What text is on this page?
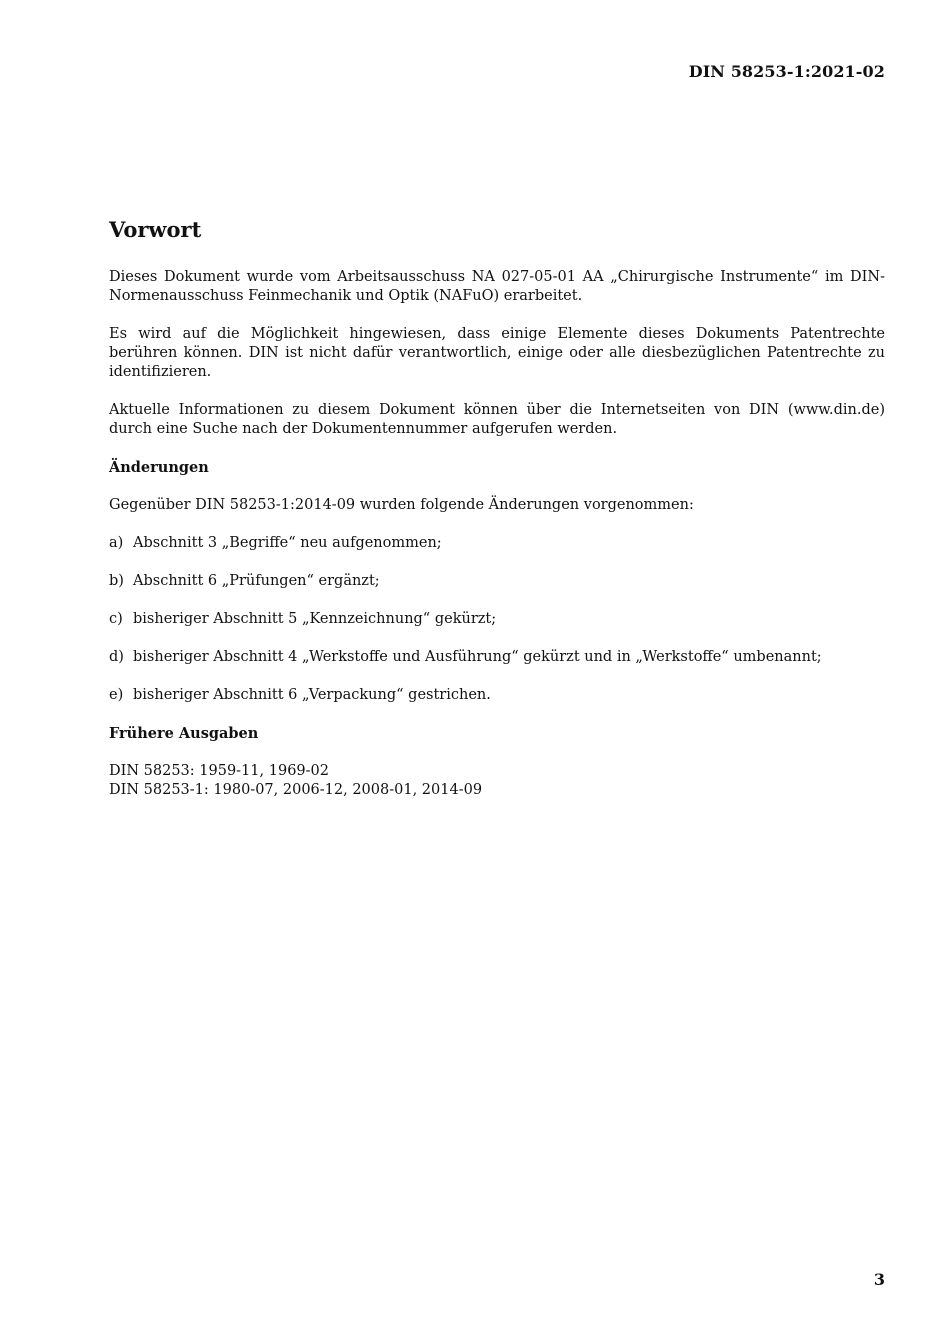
DIN 58253-1:2021-02
Vorwort

Dieses Dokument wurde vom Arbeitsausschuss NA 027-05-01 AA „Chirurgische Instrumente“ im DIN-Normenausschuss Feinmechanik und Optik (NAFuO) erarbeitet.

Es wird auf die Möglichkeit hingewiesen, dass einige Elemente dieses Dokuments Patentrechte berühren können. DIN ist nicht dafür verantwortlich, einige oder alle diesbezüglichen Patentrechte zu identifizieren.

Aktuelle Informationen zu diesem Dokument können über die Internetseiten von DIN (www.din.de) durch eine Suche nach der Dokumentennummer aufgerufen werden.

Änderungen

Gegenüber DIN 58253-1:2014-09 wurden folgende Änderungen vorgenommen:

a) Abschnitt 3 „Begriffe“ neu aufgenommen;
b) Abschnitt 6 „Prüfungen“ ergänzt;
c) bisheriger Abschnitt 5 „Kennzeichnung“ gekürzt;
d) bisheriger Abschnitt 4 „Werkstoffe und Ausführung“ gekürzt und in „Werkstoffe“ umbenannt;
e) bisheriger Abschnitt 6 „Verpackung“ gestrichen.
Frühere Ausgaben
DIN 58253: 1959-11, 1969-02
DIN 58253-1: 1980-07, 2006-12, 2008-01, 2014-09
3
